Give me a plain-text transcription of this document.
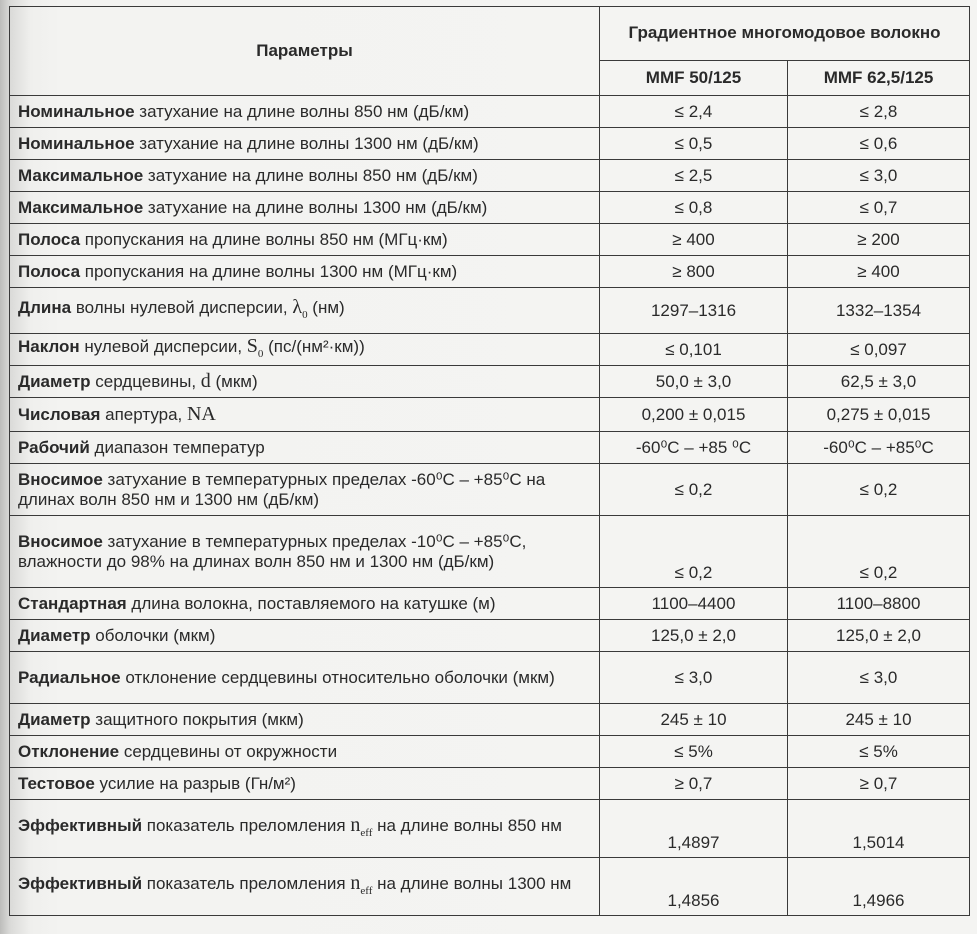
Параметры	Градиентное многомодовое волокно	
	MMF 50/125	MMF 62,5/125
Номинальное затухание на длине волны 850 нм (дБ/км)	≤ 2,4	≤ 2,8
Номинальное затухание на длине волны 1300 нм (дБ/км)	≤ 0,5	≤ 0,6
Максимальное затухание на длине волны 850 нм (дБ/км)	≤ 2,5	≤ 3,0
Максимальное затухание на длине волны 1300 нм (дБ/км)	≤ 0,8	≤ 0,7
Полоса пропускания на длине волны 850 нм (МГц·км)	≥ 400	≥ 200
Полоса пропускания на длине волны 1300 нм (МГц·км)	≥ 800	≥ 400
Длина волны нулевой дисперсии, $\lambda_0$ (нм)	1297–1316	1332–1354
Наклон нулевой дисперсии, $S_0$ (пс/(нм²·км))	≤ 0,101	≤ 0,097
Диаметр сердцевины, d (мкм)	50,0 ± 3,0	62,5 ± 3,0
Числовая апертура, NA	0,200 ± 0,015	0,275 ± 0,015
Рабочий диапазон температур	-60⁰C – +85 ⁰C	-60⁰C – +85⁰C
Вносимое затухание в температурных пределах -60⁰C – +85⁰C на длинах волн 850 нм и 1300 нм (дБ/км)	≤ 0,2	≤ 0,2
Вносимое затухание в температурных пределах -10⁰C – +85⁰C, влажности до 98% на длинах волн 850 нм и 1300 нм (дБ/км)	≤ 0,2	≤ 0,2
Стандартная длина волокна, поставляемого на катушке (м)	1100–4400	1100–8800
Диаметр оболочки (мкм)	125,0 ± 2,0	125,0 ± 2,0
Радиальное отклонение сердцевины относительно оболочки (мкм)	≤ 3,0	≤ 3,0
Диаметр защитного покрытия (мкм)	245 ± 10	245 ± 10
Отклонение сердцевины от окружности	≤ 5%	≤ 5%
Тестовое усилие на разрыв (Гн/м²)	≥ 0,7	≥ 0,7
Эффективный показатель преломления $n_{eff}$ на длине волны 850 нм	1,4897	1,5014
Эффективный показатель преломления $n_{eff}$ на длине волны 1300 нм	1,4856	1,4966
